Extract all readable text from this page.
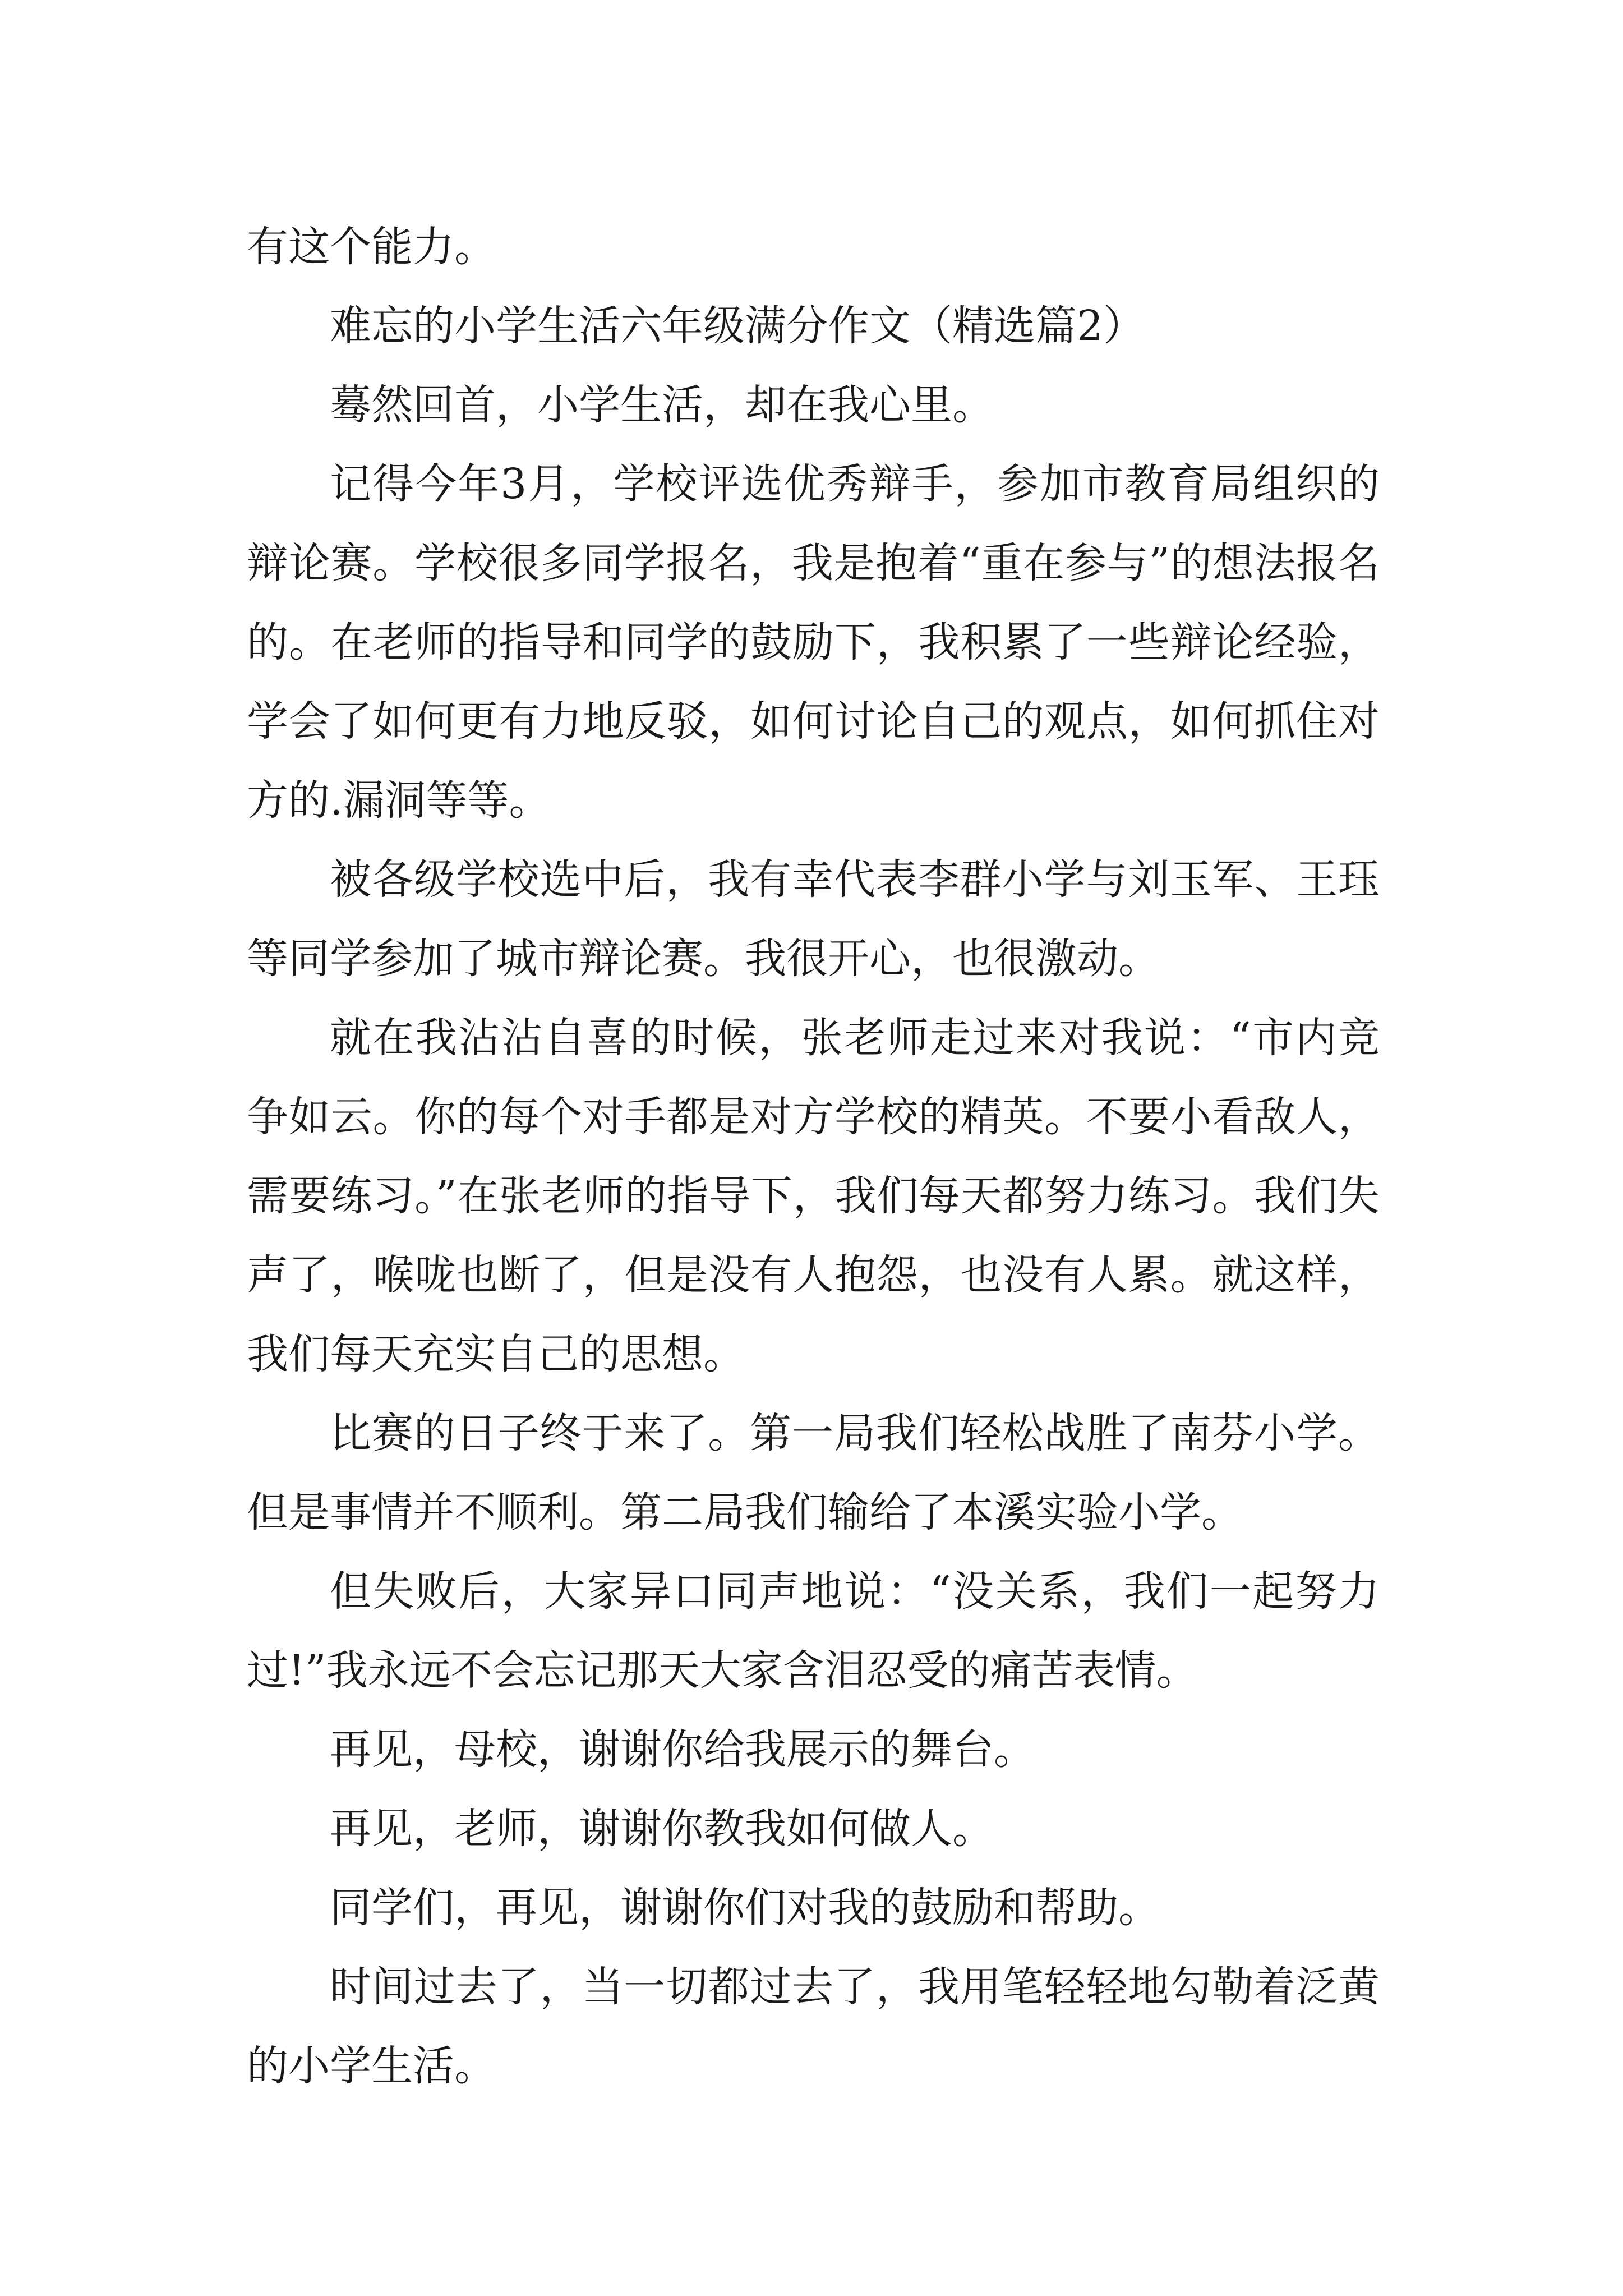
有这个能力。

难忘的小学生活六年级满分作文（精选篇2）

蓦然回首，小学生活，却在我心里。

记得今年3月，学校评选优秀辩手，参加市教育局组织的辩论赛。学校很多同学报名，我是抱着“重在参与”的想法报名的。在老师的指导和同学的鼓励下，我积累了一些辩论经验，学会了如何更有力地反驳，如何讨论自己的观点，如何抓住对方的.漏洞等等。

被各级学校选中后，我有幸代表李群小学与刘玉军、王珏等同学参加了城市辩论赛。我很开心，也很激动。

就在我沾沾自喜的时候，张老师走过来对我说：“市内竞争如云。你的每个对手都是对方学校的精英。不要小看敌人，需要练习。”在张老师的指导下，我们每天都努力练习。我们失声了，喉咙也断了，但是没有人抱怨，也没有人累。就这样，我们每天充实自己的思想。

比赛的日子终于来了。第一局我们轻松战胜了南芬小学。但是事情并不顺利。第二局我们输给了本溪实验小学。

但失败后，大家异口同声地说：“没关系，我们一起努力过!”我永远不会忘记那天大家含泪忍受的痛苦表情。

再见，母校，谢谢你给我展示的舞台。

再见，老师，谢谢你教我如何做人。

同学们，再见，谢谢你们对我的鼓励和帮助。

时间过去了，当一切都过去了，我用笔轻轻地勾勒着泛黄的小学生活。
